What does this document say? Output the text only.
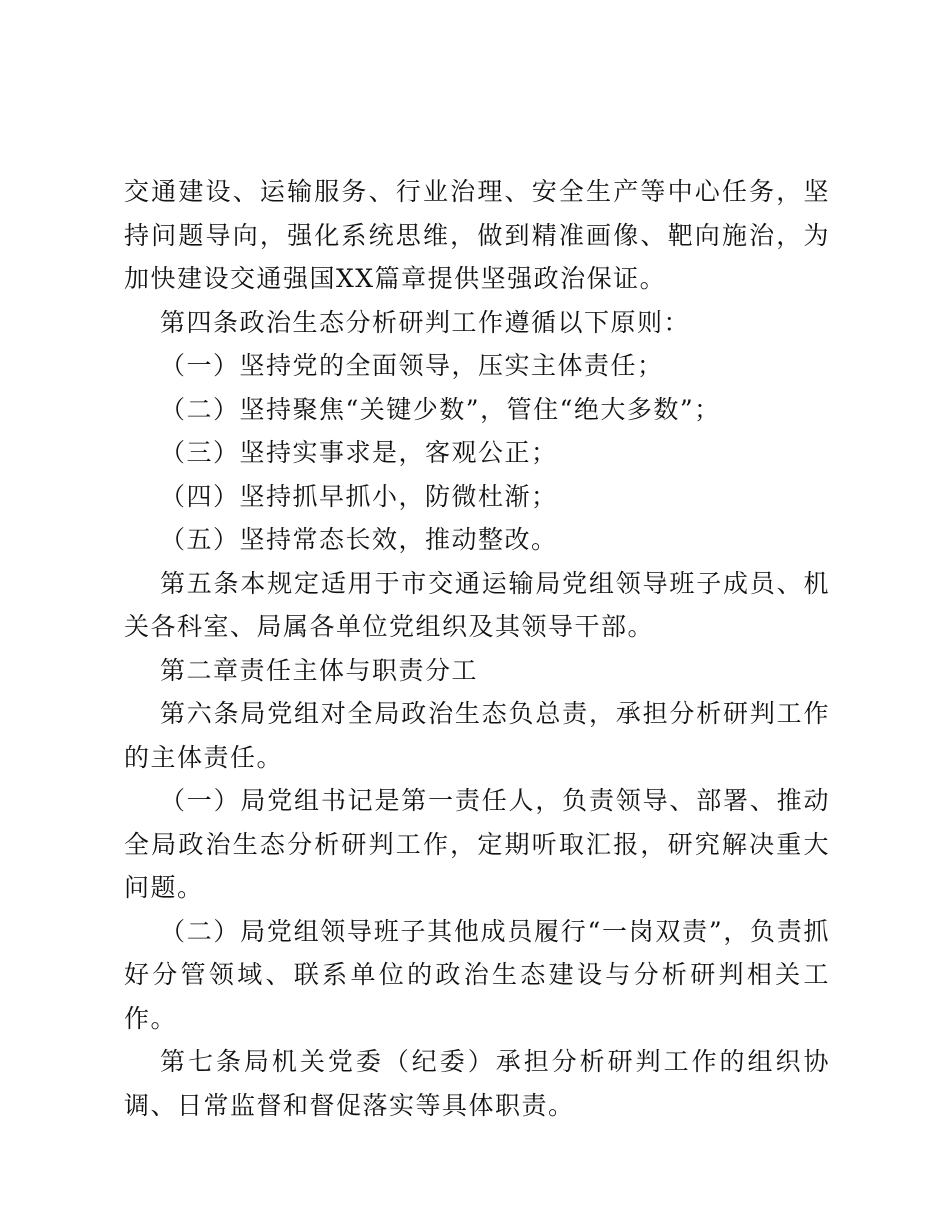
交通建设、运输服务、行业治理、安全生产等中心任务，坚持问题导向，强化系统思维，做到精准画像、靶向施治，为加快建设交通强国XX篇章提供坚强政治保证。

第四条政治生态分析研判工作遵循以下原则：

（一）坚持党的全面领导，压实主体责任；

（二）坚持聚焦“关键少数”，管住“绝大多数”；

（三）坚持实事求是，客观公正；

（四）坚持抓早抓小，防微杜渐；

（五）坚持常态长效，推动整改。

第五条本规定适用于市交通运输局党组领导班子成员、机关各科室、局属各单位党组织及其领导干部。

第二章责任主体与职责分工

第六条局党组对全局政治生态负总责，承担分析研判工作的主体责任。

（一）局党组书记是第一责任人，负责领导、部署、推动全局政治生态分析研判工作，定期听取汇报，研究解决重大问题。

（二）局党组领导班子其他成员履行“一岗双责”，负责抓好分管领域、联系单位的政治生态建设与分析研判相关工作。

第七条局机关党委（纪委）承担分析研判工作的组织协调、日常监督和督促落实等具体职责。
